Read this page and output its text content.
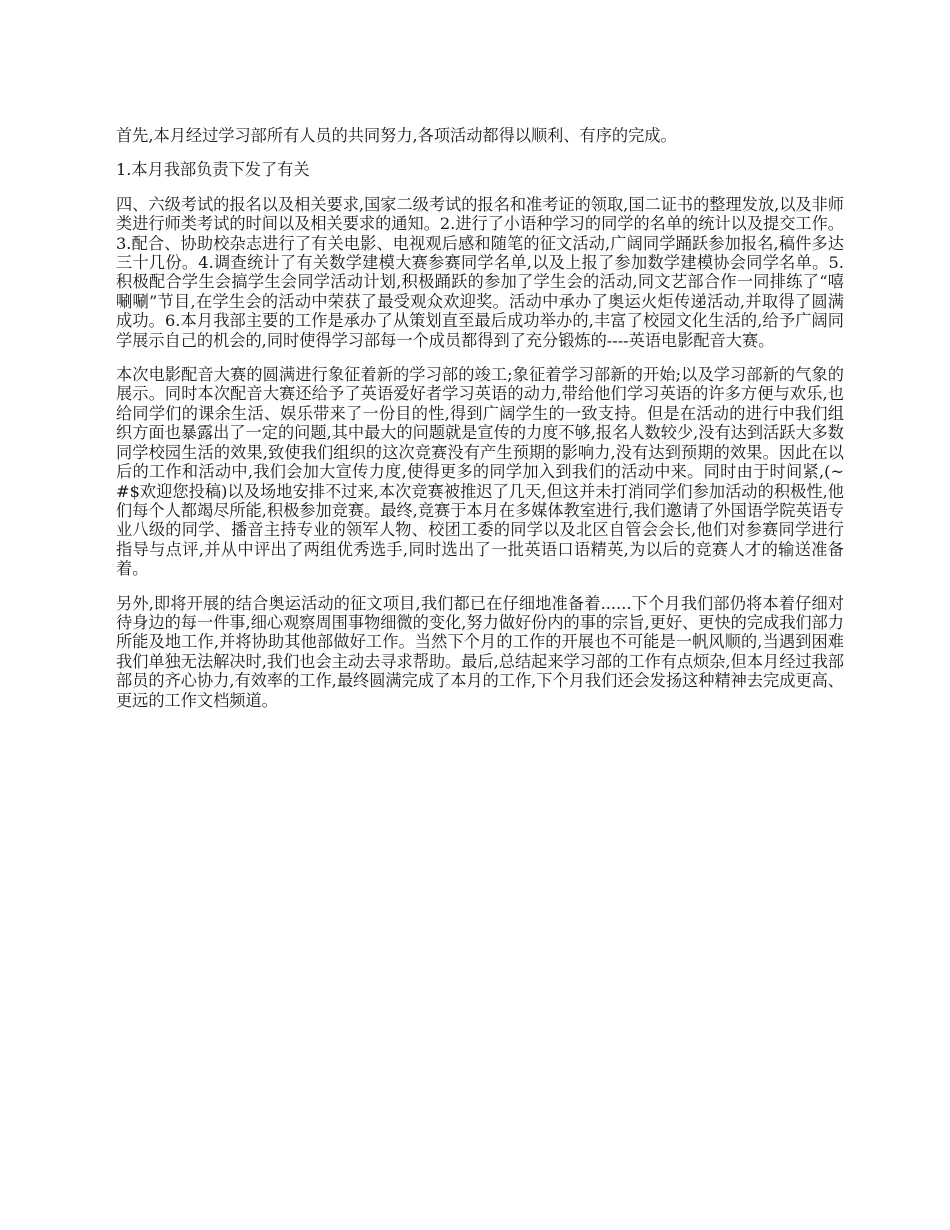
首先,本月经过学习部所有人员的共同努力,各项活动都得以顺利、有序的完成。

1.本月我部负责下发了有关

四、六级考试的报名以及相关要求,国家二级考试的报名和准考证的领取,国二证书的整理发放,以及非师类进行师类考试的时间以及相关要求的通知。2.进行了小语种学习的同学的名单的统计以及提交工作。3.配合、协助校杂志进行了有关电影、电视观后感和随笔的征文活动,广阔同学踊跃参加报名,稿件多达三十几份。4.调查统计了有关数学建模大赛参赛同学名单,以及上报了参加数学建模协会同学名单。5.积极配合学生会搞学生会同学活动计划,积极踊跃的参加了学生会的活动,同文艺部合作一同排练了“嘻唰唰”节目,在学生会的活动中荣获了最受观众欢迎奖。活动中承办了奥运火炬传递活动,并取得了圆满成功。6.本月我部主要的工作是承办了从策划直至最后成功举办的,丰富了校园文化生活的,给予广阔同学展示自己的机会的,同时使得学习部每一个成员都得到了充分锻炼的----英语电影配音大赛。

本次电影配音大赛的圆满进行象征着新的学习部的竣工;象征着学习部新的开始;以及学习部新的气象的展示。同时本次配音大赛还给予了英语爱好者学习英语的动力,带给他们学习英语的许多方便与欢乐,也给同学们的课余生活、娱乐带来了一份目的性,得到广阔学生的一致支持。但是在活动的进行中我们组织方面也暴露出了一定的问题,其中最大的问题就是宣传的力度不够,报名人数较少,没有达到活跃大多数同学校园生活的效果,致使我们组织的这次竞赛没有产生预期的影响力,没有达到预期的效果。因此在以后的工作和活动中,我们会加大宣传力度,使得更多的同学加入到我们的活动中来。同时由于时间紧,(~#$欢迎您投稿)以及场地安排不过来,本次竞赛被推迟了几天,但这并未打消同学们参加活动的积极性,他们每个人都竭尽所能,积极参加竞赛。最终,竞赛于本月在多媒体教室进行,我们邀请了外国语学院英语专业八级的同学、播音主持专业的领军人物、校团工委的同学以及北区自管会会长,他们对参赛同学进行指导与点评,并从中评出了两组优秀选手,同时选出了一批英语口语精英,为以后的竞赛人才的输送准备着。

另外,即将开展的结合奥运活动的征文项目,我们都已在仔细地准备着......下个月我们部仍将本着仔细对待身边的每一件事,细心观察周围事物细微的变化,努力做好份内的事的宗旨,更好、更快的完成我们部力所能及地工作,并将协助其他部做好工作。当然下个月的工作的开展也不可能是一帆风顺的,当遇到困难我们单独无法解决时,我们也会主动去寻求帮助。最后,总结起来学习部的工作有点烦杂,但本月经过我部部员的齐心协力,有效率的工作,最终圆满完成了本月的工作,下个月我们还会发扬这种精神去完成更高、更远的工作文档频道。
